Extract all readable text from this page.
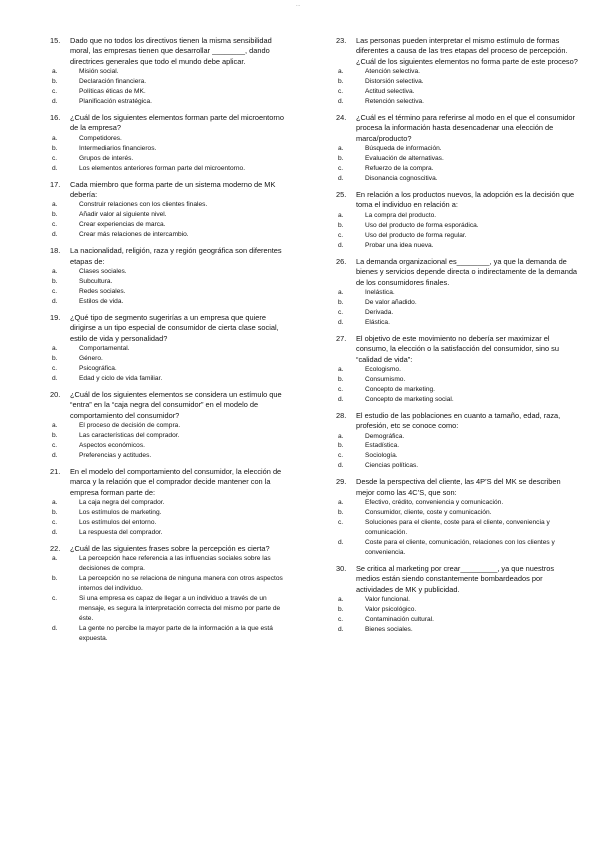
...
15.	Dado que no todos los directivos tienen la misma sensibilidad moral, las empresas tienen que desarrollar ________, dando directrices generales que todo el mundo debe aplicar.
a.	Misión social.
b.	Declaración financiera.
c.	Políticas éticas de MK.
d.	Planificación estratégica.
16.	¿Cuál de los siguientes elementos forman parte del microentorno de la empresa?
a.	Competidores.
b.	Intermediarios financieros.
c.	Grupos de interés.
d.	Los elementos anteriores forman parte del microentorno.
17.	Cada miembro que forma parte de un sistema moderno de MK debería:
a.	Construir relaciones con los clientes finales.
b.	Añadir valor al siguiente nivel.
c.	Crear experiencias de marca.
d.	Crear más relaciones de intercambio.
18.	La nacionalidad, religión, raza y región geográfica son diferentes etapas de:
a.	Clases sociales.
b.	Subcultura.
c.	Redes sociales.
d.	Estilos de vida.
19.	¿Qué tipo de segmento sugerirías a un empresa que quiere dirigirse a un tipo especial de consumidor de cierta clase social, estilo de vida y personalidad?
a.	Comportamental.
b.	Género.
c.	Psicográfica.
d.	Edad y ciclo de vida familiar.
20.	¿Cuál de los siguientes elementos se considera un estímulo que “entra” en la “caja negra del consumidor” en el modelo de comportamiento del consumidor?
a.	El proceso de decisión de compra.
b.	Las características del comprador.
c.	Aspectos económicos.
d.	Preferencias y actitudes.
21.	En el modelo del comportamiento del consumidor, la elección de marca y la relación que el comprador decide mantener con la empresa forman parte de:
a.	La caja negra del comprador.
b.	Los estímulos de marketing.
c.	Los estímulos del entorno.
d.	La respuesta del comprador.
22.	¿Cuál de las siguientes frases sobre la percepción es cierta?
a.	La percepción hace referencia a las influencias sociales sobre las decisiones de compra.
b.	La percepción no se relaciona de ninguna manera con otros aspectos internos del individuo.
c.	Si una empresa es capaz de llegar a un individuo a través de un mensaje, es segura la interpretación correcta del mismo por parte de éste.
d.	La gente no percibe la mayor parte de la información a la que está expuesta.
23.	Las personas pueden interpretar el mismo estímulo de formas diferentes a causa de las tres etapas del proceso de percepción. ¿Cuál de los siguientes elementos no forma parte de este proceso?
a.	Atención selectiva.
b.	Distorsión selectiva.
c.	Actitud selectiva.
d.	Retención selectiva.
24.	¿Cuál es el término para referirse al modo en el que el consumidor procesa la información hasta desencadenar una elección de marca/producto?
a.	Búsqueda de información.
b.	Evaluación de alternativas.
c.	Refuerzo de la compra.
d.	Disonancia cognoscitiva.
25.	En relación a los productos nuevos, la adopción es la decisión que toma el individuo en relación a:
a.	La compra del producto.
b.	Uso del producto de forma esporádica.
c.	Uso del producto de forma regular.
d.	Probar una idea nueva.
26.	La demanda organizacional es________, ya que la demanda de bienes y servicios depende directa o indirectamente de la demanda de los consumidores finales.
a.	Inelástica.
b.	De valor añadido.
c.	Derivada.
d.	Elástica.
27.	El objetivo de este movimiento no debería ser maximizar el consumo, la elección o la satisfacción del consumidor, sino su “calidad de vida”:
a.	Ecologismo.
b.	Consumismo.
c.	Concepto de marketing.
d.	Concepto de marketing social.
28.	El estudio de las poblaciones en cuanto a tamaño, edad, raza, profesión, etc se conoce como:
a.	Demográfica.
b.	Estadística.
c.	Sociología.
d.	Ciencias políticas.
29.	Desde la perspectiva del cliente, las 4P’S del MK se describen mejor como las 4C’S, que son:
a.	Efectivo, crédito, conveniencia y comunicación.
b.	Consumidor, cliente, coste y comunicación.
c.	Soluciones para el cliente, coste para el cliente, conveniencia y comunicación.
d.	Coste para el cliente, comunicación, relaciones con los clientes y conveniencia.
30.	Se critica al marketing por crear_________, ya que nuestros medios están siendo constantemente bombardeados por actividades de MK y publicidad.
a.	Valor funcional.
b.	Valor psicológico.
c.	Contaminación cultural.
d.	Bienes sociales.
